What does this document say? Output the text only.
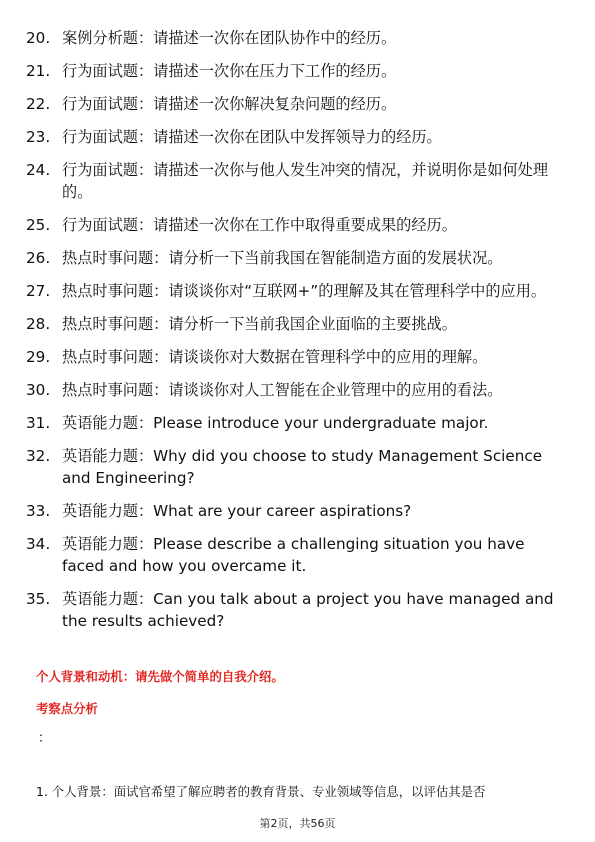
20. 案例分析题：请描述一次你在团队协作中的经历。
21. 行为面试题：请描述一次你在压力下工作的经历。
22. 行为面试题：请描述一次你解决复杂问题的经历。
23. 行为面试题：请描述一次你在团队中发挥领导力的经历。
24. 行为面试题：请描述一次你与他人发生冲突的情况，并说明你是如何处理的。
25. 行为面试题：请描述一次你在工作中取得重要成果的经历。
26. 热点时事问题：请分析一下当前我国在智能制造方面的发展状况。
27. 热点时事问题：请谈谈你对“互联网+”的理解及其在管理科学中的应用。
28. 热点时事问题：请分析一下当前我国企业面临的主要挑战。
29. 热点时事问题：请谈谈你对大数据在管理科学中的应用的理解。
30. 热点时事问题：请谈谈你对人工智能在企业管理中的应用的看法。
31. 英语能力题：Please introduce your undergraduate major.
32. 英语能力题：Why did you choose to study Management Science and Engineering?
33. 英语能力题：What are your career aspirations?
34. 英语能力题：Please describe a challenging situation you have faced and how you overcame it.
35. 英语能力题：Can you talk about a project you have managed and the results achieved?
个人背景和动机：请先做个简单的自我介绍。
考察点分析
：
1. 个人背景：面试官希望了解应聘者的教育背景、专业领域等信息，以评估其是否
第2页，共56页
